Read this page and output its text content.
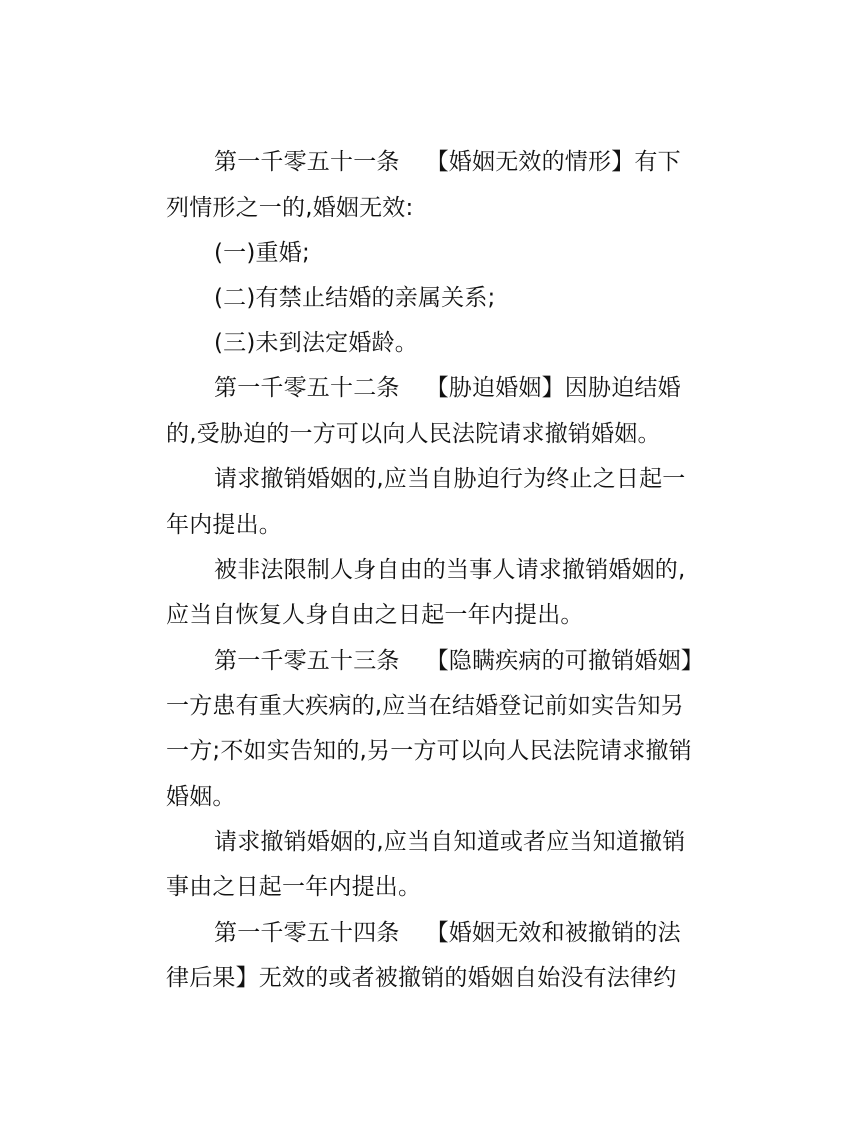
第一千零五十一条 【婚姻无效的情形】有下
列情形之一的,婚姻无效:
(一)重婚;
(二)有禁止结婚的亲属关系;
(三)未到法定婚龄。
第一千零五十二条 【胁迫婚姻】因胁迫结婚
的,受胁迫的一方可以向人民法院请求撤销婚姻。
请求撤销婚姻的,应当自胁迫行为终止之日起一
年内提出。
被非法限制人身自由的当事人请求撤销婚姻的,
应当自恢复人身自由之日起一年内提出。
第一千零五十三条 【隐瞒疾病的可撤销婚姻】
一方患有重大疾病的,应当在结婚登记前如实告知另
一方;不如实告知的,另一方可以向人民法院请求撤销
婚姻。
请求撤销婚姻的,应当自知道或者应当知道撤销
事由之日起一年内提出。
第一千零五十四条 【婚姻无效和被撤销的法
律后果】无效的或者被撤销的婚姻自始没有法律约
